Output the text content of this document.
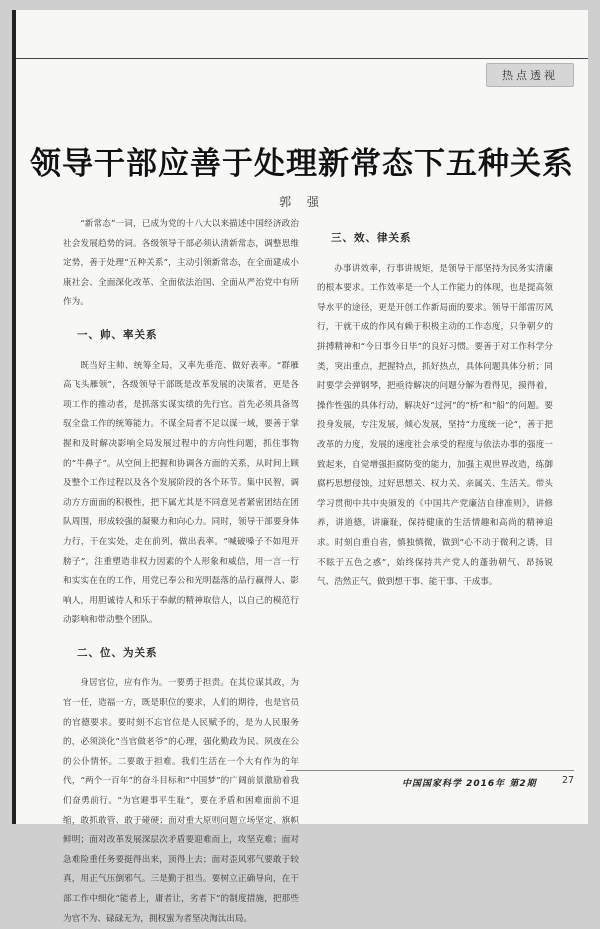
热点透视
领导干部应善于处理新常态下五种关系
郭 强

“新常态”一词，已成为党的十八大以来描述中国经济政治社会发展趋势的词。各级领导干部必须认清新常态，调整思维定势，善于处理“五种关系”，主动引领新常态，在全面建成小康社会、全面深化改革、全面依法治国、全面从严治党中有所作为。

一、帅、率关系

既当好主帅、统筹全局，又率先垂范、做好表率。“群雁高飞头雁领”，各级领导干部既是改革发展的决策者，更是各项工作的推动者，是抓落实谋实绩的先行官。首先必须具备驾驭全盘工作的统筹能力。不谋全局者不足以谋一域，要善于掌握和及时解决影响全局发展过程中的方向性问题，抓住事物的“牛鼻子”。从空间上把握和协调各方面的关系，从时间上顾及整个工作过程以及各个发展阶段的各个环节。集中民智，调动方方面面的积极性，把下属尤其是不同意见者紧密团结在团队周围，形成较强的凝聚力和向心力。同时，领导干部要身体力行，干在实处，走在前列，做出表率。“喊破嗓子不如甩开膀子”，注重塑造非权力因素的个人形象和威信，用一言一行和实实在在的工作，用党已奉公和光明磊落的品行赢得人、影响人，用胆诚待人和乐于奉献的精神取信人，以自己的模范行动影响和带动整个团队。

二、位、为关系

身居官位，应有作为。一要勇于担责。在其位谋其政，为官一任，造福一方，既是职位的要求，人们的期待，也是官员的官德要求。要时刻不忘官位是人民赋予的，是为人民服务的，必须淡化“当官做老爷”的心理，强化勤政为民、夙夜在公的公仆情怀。二要敢于担难。我们生活在一个大有作为的年代，“两个一百年”的奋斗目标和“中国梦”的广阔前景激励着我们奋勇前行。“为官避事平生耻”，要在矛盾和困难面前不退缩，敢抓敢管、敢于碰硬；面对重大原则问题立场坚定、旗帜鲜明；面对改革发展深层次矛盾要迎难而上，攻坚克难；面对急难险重任务要挺得出来，顶得上去；面对歪风邪气要敢于较真，用正气压倒邪气。三是勤于担当。要树立正确导向，在干部工作中细化“能者上，庸者让，劣者下”的制度措施，把那些为官不为、碌碌无为，拥权蜜为者坚决淘汰出局。

三、效、律关系

办事讲效率，行事讲规矩，是领导干部坚持为民务实清廉的根本要求。工作效率是一个人工作能力的体现，也是提高领导水平的途径，更是开创工作新局面的要求。领导干部雷厉风行，干就干成的作风有赖于积极主动的工作态度，只争朝夕的拼搏精神和“今日事今日毕”的良好习惯。要善于对工作科学分类，突出重点，把握特点，抓好热点，具体问题具体分析；同时要学会弹钢琴，把亟待解决的问题分解为看得见，摸得着，操作性强的具体行动，解决好“过河”的“桥”和“船”的问题。要投身发展，专注发展，倾心发展，坚持“力度统一论”，善于把改革的力度，发展的速度社会承受的程度与依法办事的强度一致起来，自觉增强拒腐防变的能力，加强主观世界改造，练御腐朽思想侵蚀，过好思想关、权力关、亲属关、生活关。带头学习贯彻中共中央颁发的《中国共产党廉洁自律准则》，讲修养，讲道德，讲廉耻，保持健康的生活情趣和高尚的精神追求。时刻自重自省，慎独慎微，做到“心不动于微利之诱，目不眩于五色之惑”，始终保持共产党人的蓬勃朝气、昂扬锐气、浩然正气，做到想干事、能干事、干成事。

中国国家科学 2016年 第2期	27
